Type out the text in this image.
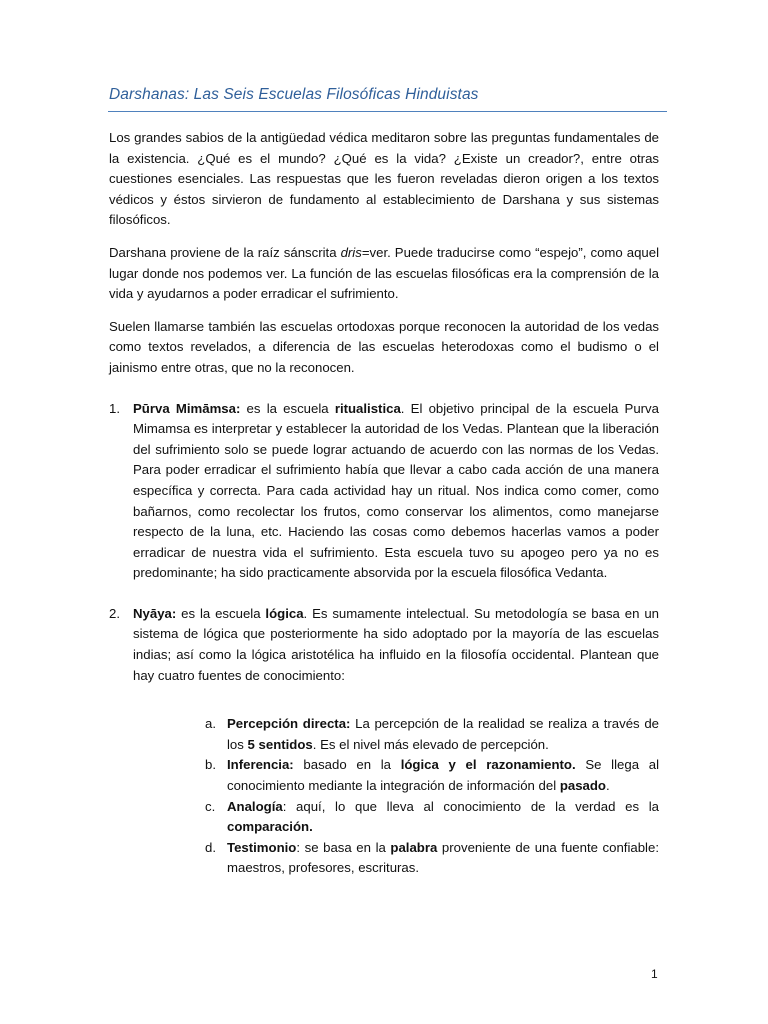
Darshanas: Las Seis Escuelas Filosóficas Hinduistas

Los grandes sabios de la antigüedad védica meditaron sobre las preguntas fundamentales de la existencia. ¿Qué es el mundo? ¿Qué es la vida? ¿Existe un creador?, entre otras cuestiones esenciales. Las respuestas que les fueron reveladas dieron origen a los textos védicos y éstos sirvieron de fundamento al establecimiento de Darshana y sus sistemas filosóficos.

Darshana proviene de la raíz sánscrita dris=ver. Puede traducirse como “espejo”, como aquel lugar donde nos podemos ver. La función de las escuelas filosóficas era la comprensión de la vida y ayudarnos a poder erradicar el sufrimiento.

Suelen llamarse también las escuelas ortodoxas porque reconocen la autoridad de los vedas como textos revelados, a diferencia de las escuelas heterodoxas como el budismo o el jainismo entre otras, que no la reconocen.

1. Pūrva Mimāmsa: es la escuela ritualistica. El objetivo principal de la escuela Purva Mimamsa es interpretar y establecer la autoridad de los Vedas. Plantean que la liberación del sufrimiento solo se puede lograr actuando de acuerdo con las normas de los Vedas. Para poder erradicar el sufrimiento había que llevar a cabo cada acción de una manera específica y correcta. Para cada actividad hay un ritual. Nos indica como comer, como bañarnos, como recolectar los frutos, como conservar los alimentos, como manejarse respecto de la luna, etc. Haciendo las cosas como debemos hacerlas vamos a poder erradicar de nuestra vida el sufrimiento. Esta escuela tuvo su apogeo pero ya no es predominante; ha sido practicamente absorvida por la escuela filosófica Vedanta.
2. Nyāya: es la escuela lógica. Es sumamente intelectual. Su metodología se basa en un sistema de lógica que posteriormente ha sido adoptado por la mayoría de las escuelas indias; así como la lógica aristotélica ha influido en la filosofía occidental. Plantean que hay cuatro fuentes de conocimiento:
a. Percepción directa: La percepción de la realidad se realiza a través de los 5 sentidos. Es el nivel más elevado de percepción.
b. Inferencia: basado en la lógica y el razonamiento. Se llega al conocimiento mediante la integración de información del pasado.
c. Analogía: aquí, lo que lleva al conocimiento de la verdad es la comparación.
d. Testimonio: se basa en la palabra proveniente de una fuente confiable: maestros, profesores, escrituras.
1
